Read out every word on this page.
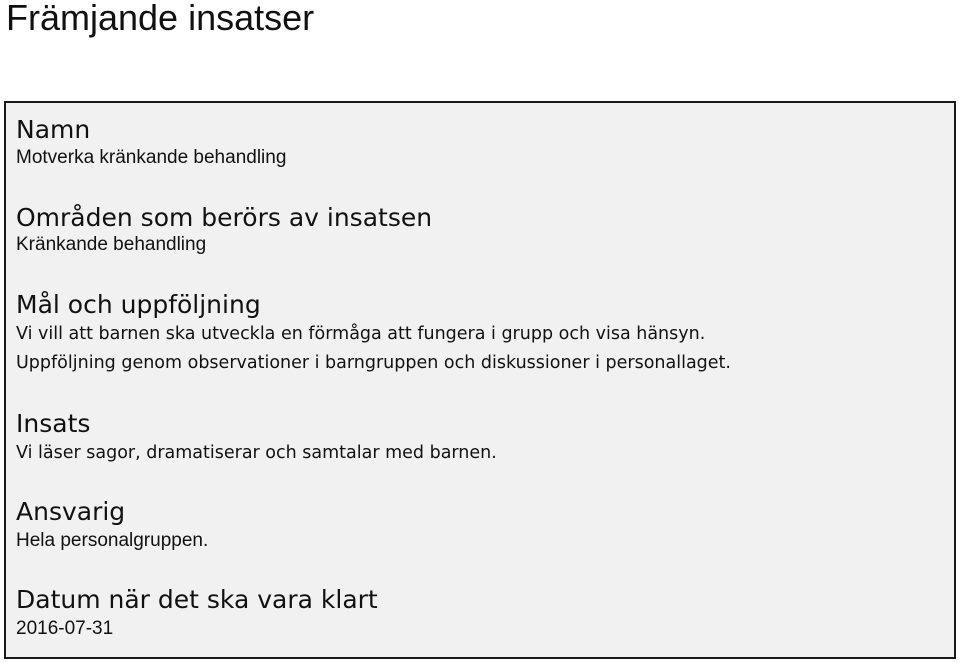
Främjande insatser
Namn

Motverka kränkande behandling

Områden som berörs av insatsen

Kränkande behandling

Mål och uppföljning

Vi vill att barnen ska utveckla en förmåga att fungera i grupp och visa hänsyn.

Uppföljning genom observationer i barngruppen och diskussioner i personallaget.

Insats

Vi läser sagor, dramatiserar och samtalar med barnen.

Ansvarig

Hela personalgruppen.

Datum när det ska vara klart

2016-07-31
